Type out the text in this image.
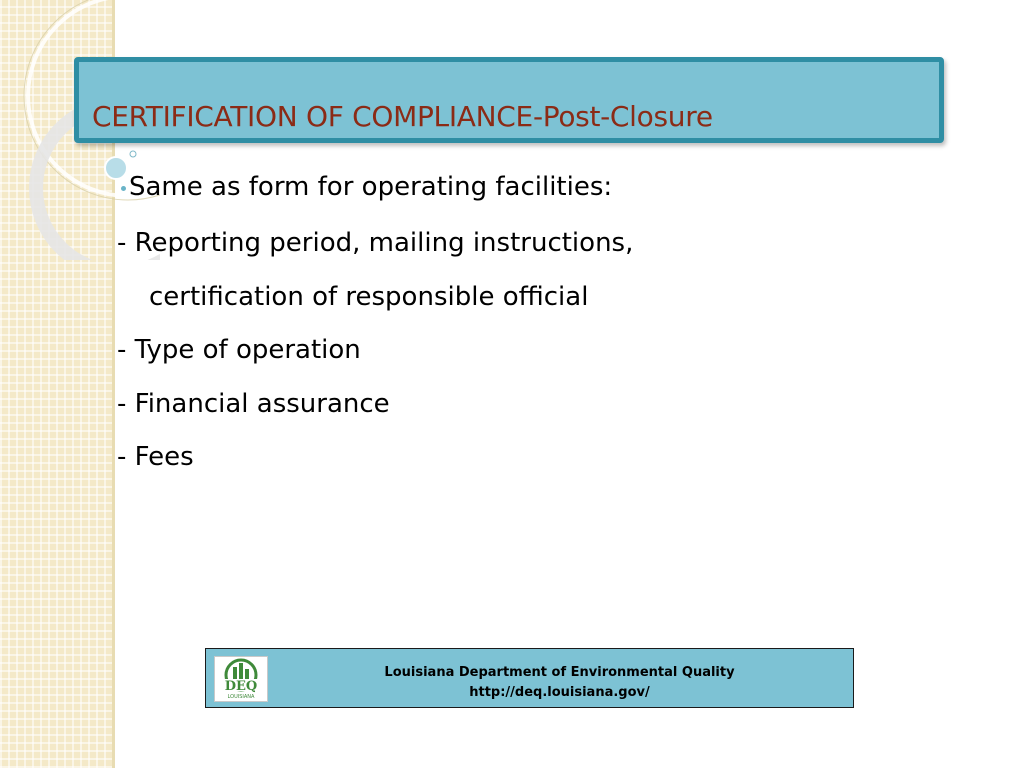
CERTIFICATION OF COMPLIANCE-Post-Closure
Same as form for operating facilities:
- Reporting period, mailing instructions,
certification of responsible official
- Type of operation
- Financial assurance
- Fees
DEQ
LOUISIANA
Louisiana Department of Environmental Quality
http://deq.louisiana.gov/
